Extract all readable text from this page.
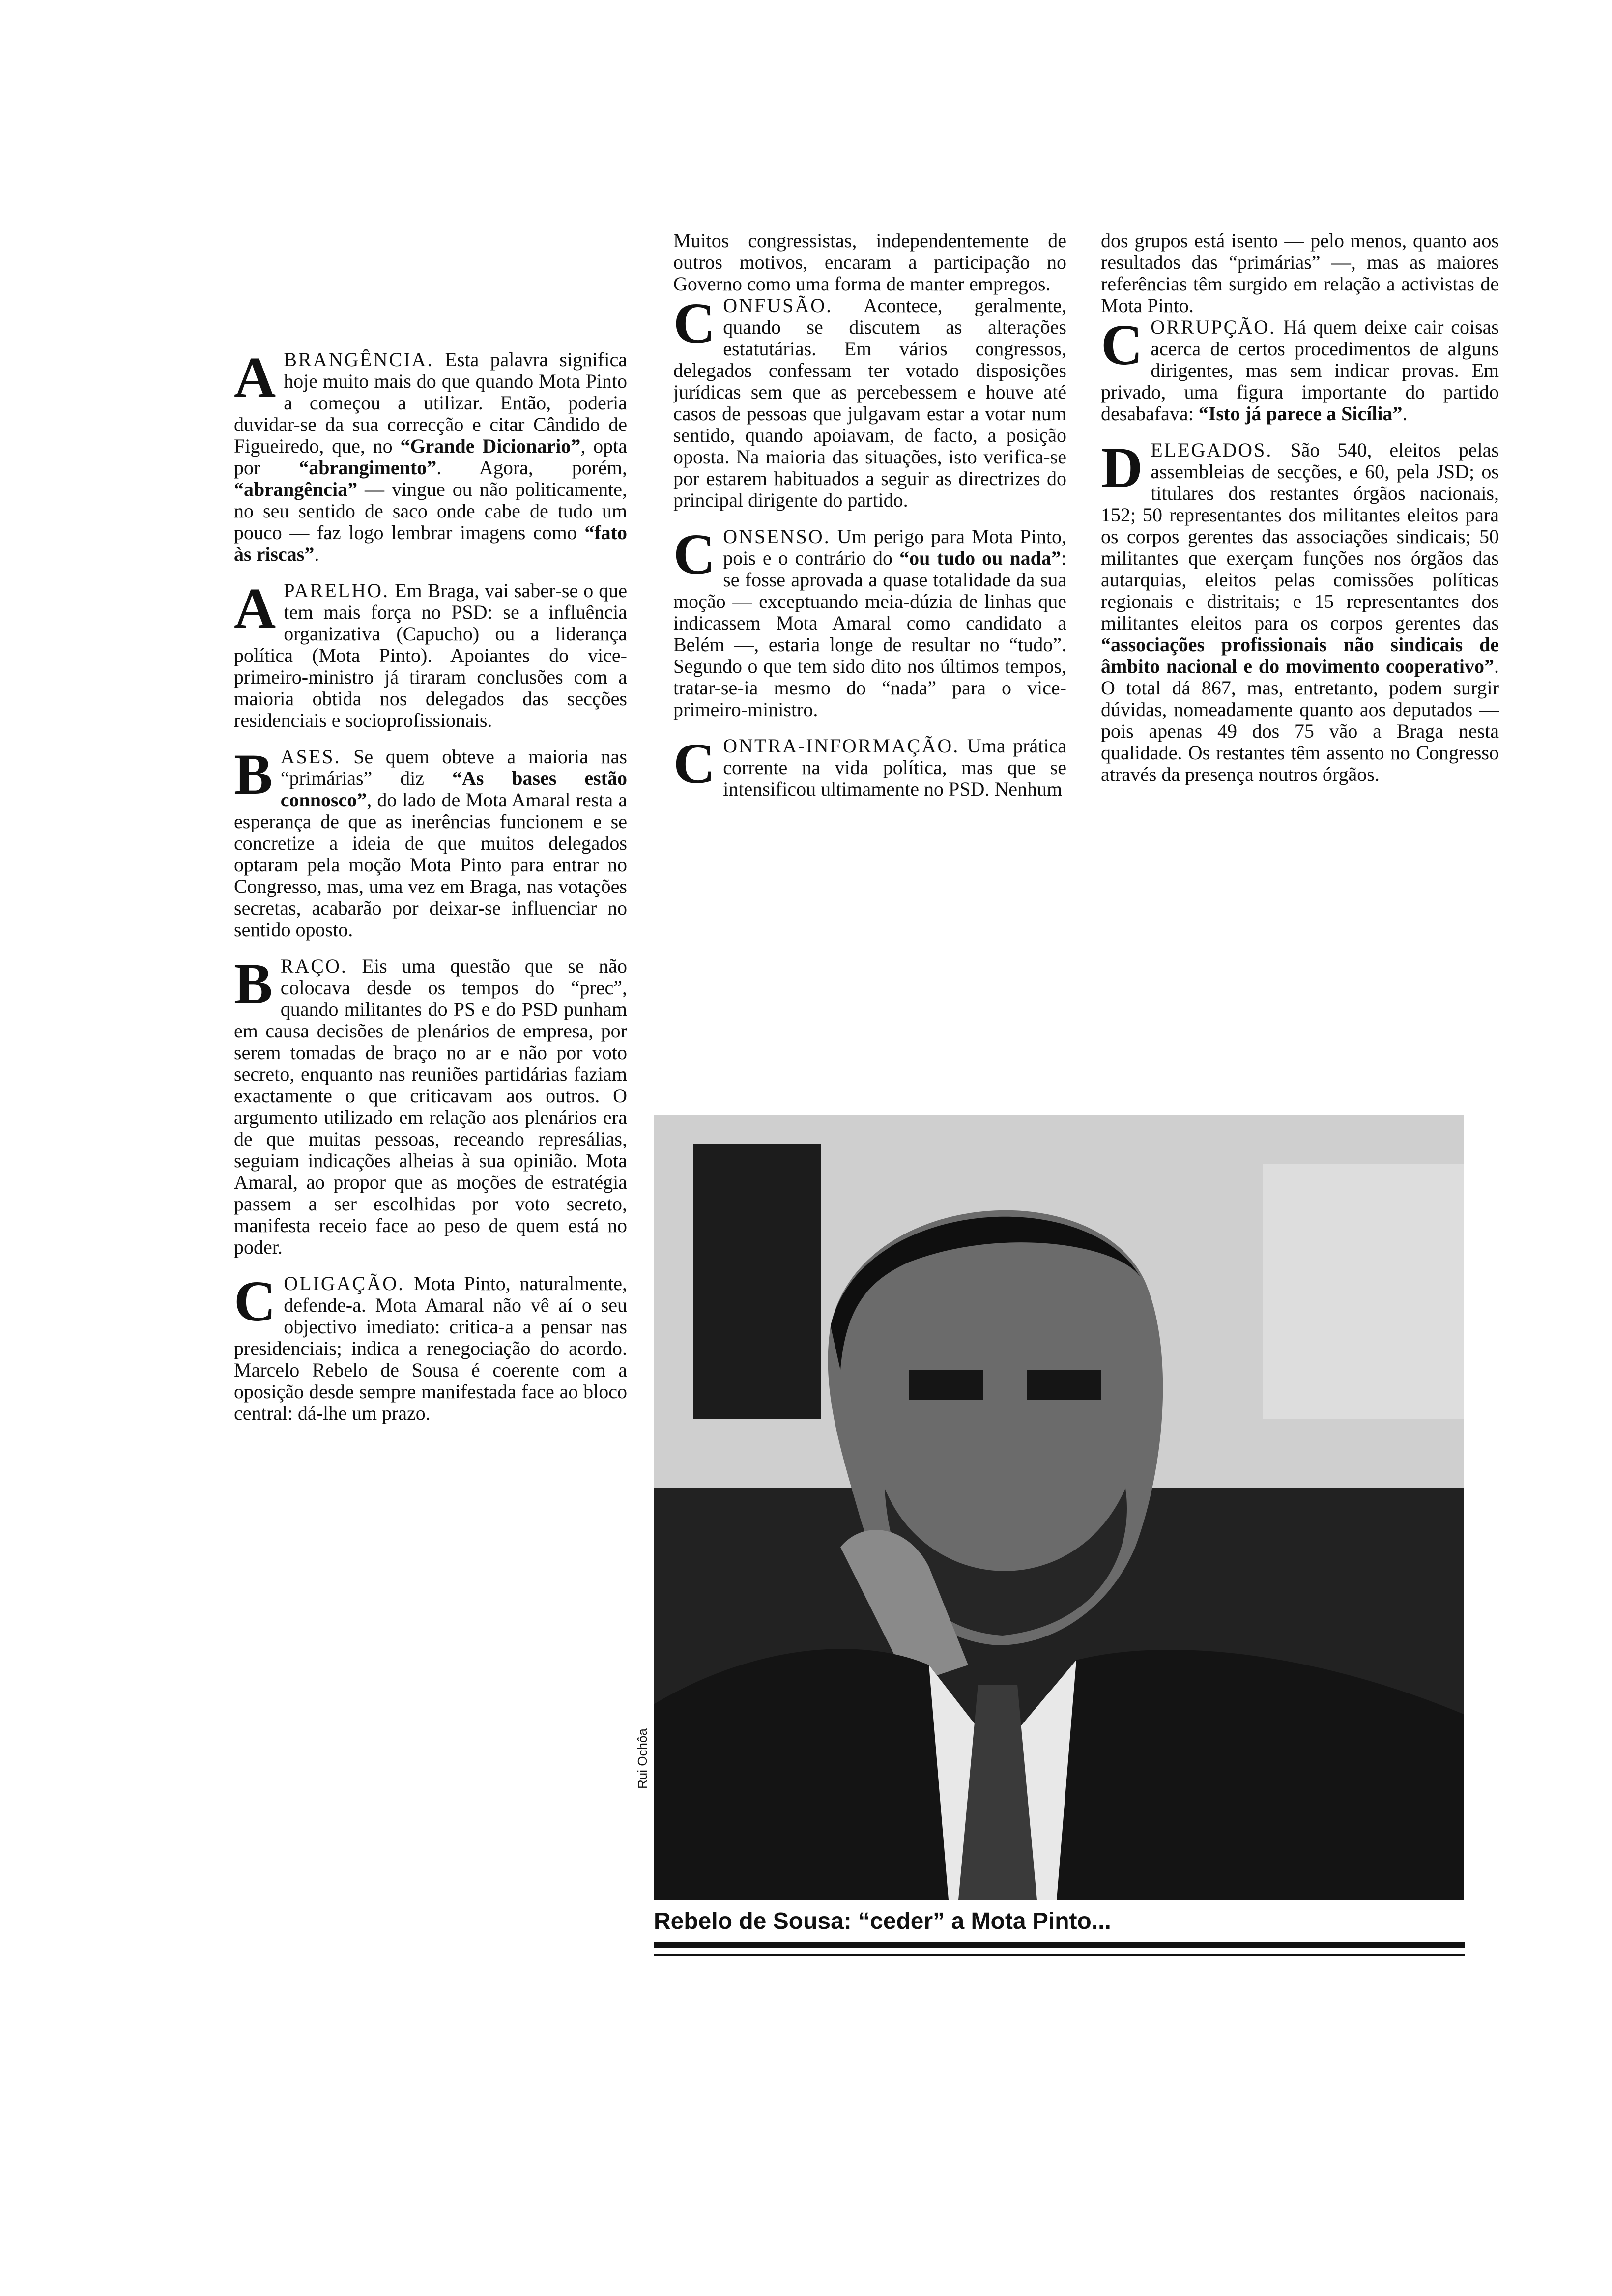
A BRANGÊNCIA. Esta palavra significa hoje muito mais do que quando Mota Pinto a começou a utilizar. Então, poderia duvidar-se da sua correcção e citar Cândido de Figueiredo, que, no “Grande Dicionario”, opta por “abrangimento”. Agora, porém, “abrangência” — vingue ou não politicamente, no seu sentido de saco onde cabe de tudo um pouco — faz logo lembrar imagens como “fato às riscas”.
A PARELHO. Em Braga, vai saber-se o que tem mais força no PSD: se a influência organizativa (Capucho) ou a liderança política (Mota Pinto). Apoiantes do vice-primeiro-ministro já tiraram conclusões com a maioria obtida nos delegados das secções residenciais e socioprofissionais.
B ASES. Se quem obteve a maioria nas “primárias” diz “As bases estão connosco”, do lado de Mota Amaral resta a esperança de que as inerências funcionem e se concretize a ideia de que muitos delegados optaram pela moção Mota Pinto para entrar no Congresso, mas, uma vez em Braga, nas votações secretas, acabarão por deixar-se influenciar no sentido oposto.
B RAÇO. Eis uma questão que se não colocava desde os tempos do “prec”, quando militantes do PS e do PSD punham em causa decisões de plenários de empresa, por serem tomadas de braço no ar e não por voto secreto, enquanto nas reuniões partidárias faziam exactamente o que criticavam aos outros. O argumento utilizado em relação aos plenários era de que muitas pessoas, receando represálias, seguiam indicações alheias à sua opinião. Mota Amaral, ao propor que as moções de estratégia passem a ser escolhidas por voto secreto, manifesta receio face ao peso de quem está no poder.
C OLIGAÇÃO. Mota Pinto, naturalmente, defende-a. Mota Amaral não vê aí o seu objectivo imediato: critica-a a pensar nas presidenciais; indica a renegociação do acordo. Marcelo Rebelo de Sousa é coerente com a oposição desde sempre manifestada face ao bloco central: dá-lhe um prazo.

Muitos congressistas, independentemente de outros motivos, encaram a participação no Governo como uma forma de manter empregos.

C ONFUSÃO. Acontece, geralmente, quando se discutem as alterações estatutárias. Em vários congressos, delegados confessam ter votado disposições jurídicas sem que as percebessem e houve até casos de pessoas que julgavam estar a votar num sentido, quando apoiavam, de facto, a posição oposta. Na maioria das situações, isto verifica-se por estarem habituados a seguir as directrizes do principal dirigente do partido.
C ONSENSO. Um perigo para Mota Pinto, pois e o contrário do “ou tudo ou nada”: se fosse aprovada a quase totalidade da sua moção — exceptuando meia-dúzia de linhas que indicassem Mota Amaral como candidato a Belém —, estaria longe de resultar no “tudo”. Segundo o que tem sido dito nos últimos tempos, tratar-se-ia mesmo do “nada” para o vice-primeiro-ministro.
C ONTRA-INFORMAÇÃO. Uma prática corrente na vida política, mas que se intensificou ultimamente no PSD. Nenhum

dos grupos está isento — pelo menos, quanto aos resultados das “primárias” —, mas as maiores referências têm surgido em relação a activistas de Mota Pinto.

C ORRUPÇÃO. Há quem deixe cair coisas acerca de certos procedimentos de alguns dirigentes, mas sem indicar provas. Em privado, uma figura importante do partido desabafava: “Isto já parece a Sicília”.
D ELEGADOS. São 540, eleitos pelas assembleias de secções, e 60, pela JSD; os titulares dos restantes órgãos nacionais, 152; 50 representantes dos militantes eleitos para os corpos gerentes das associações sindicais; 50 militantes que exerçam funções nos órgãos das autarquias, eleitos pelas comissões políticas regionais e distritais; e 15 representantes dos militantes eleitos para os corpos gerentes das “associações profissionais não sindicais de âmbito nacional e do movimento cooperativo”. O total dá 867, mas, entretanto, podem surgir dúvidas, nomeadamente quanto aos deputados — pois apenas 49 dos 75 vão a Braga nesta qualidade. Os restantes têm assento no Congresso através da presença noutros órgãos.
Rui Ochôa
Rebelo de Sousa: “ceder” a Mota Pinto...
